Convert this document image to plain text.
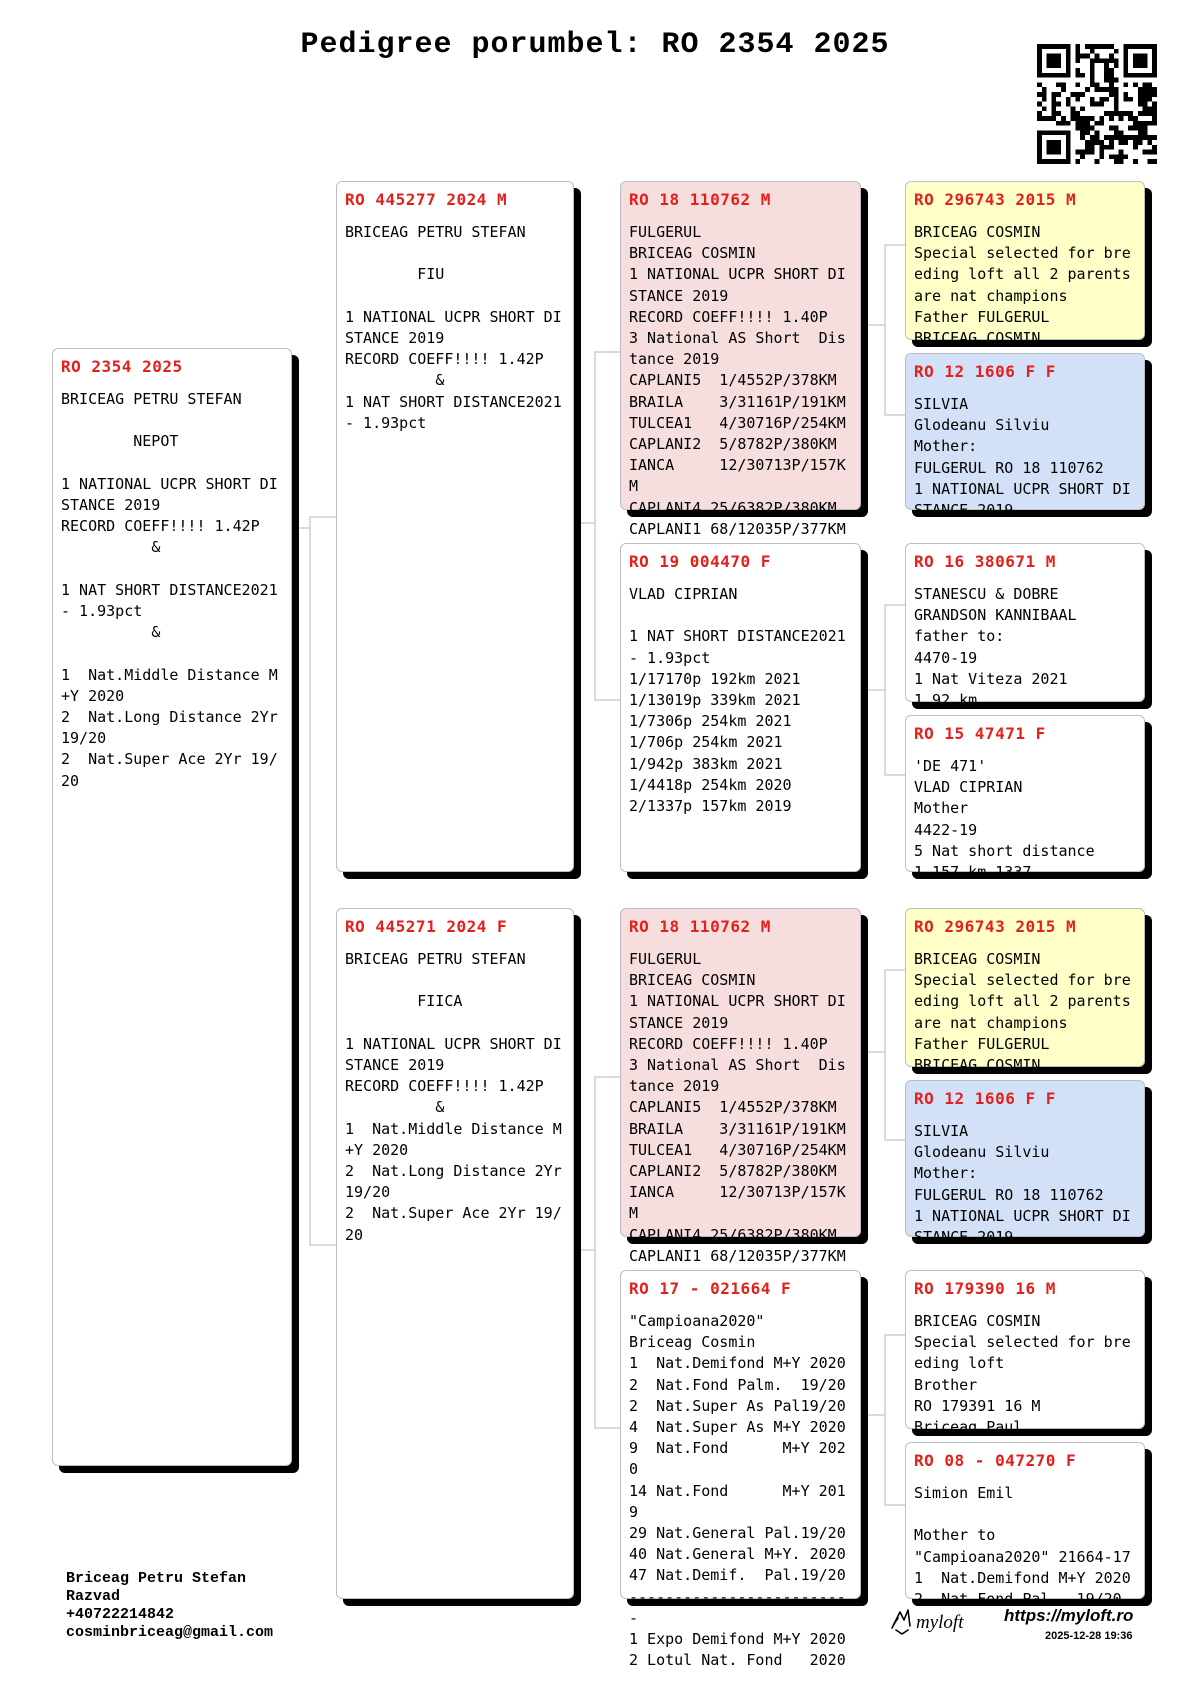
Pedigree porumbel: RO 2354 2025
RO 2354 2025
BRICEAG PETRU STEFAN

NEPOT

1 NATIONAL UCPR SHORT DISTANCE 2019
RECORD COEFF!!!! 1.42P
&

1 NAT SHORT DISTANCE2021 - 1.93pct
&

1  Nat.Middle Distance M+Y 2020
2  Nat.Long Distance 2Yr 19/20
2  Nat.Super Ace 2Yr 19/20
RO 445277 2024 M
BRICEAG PETRU STEFAN

FIU

1 NATIONAL UCPR SHORT DISTANCE 2019
RECORD COEFF!!!! 1.42P
&
1 NAT SHORT DISTANCE2021 - 1.93pct
RO 445271 2024 F
BRICEAG PETRU STEFAN

FIICA

1 NATIONAL UCPR SHORT DISTANCE 2019
RECORD COEFF!!!! 1.42P
&
1  Nat.Middle Distance M+Y 2020
2  Nat.Long Distance 2Yr 19/20
2  Nat.Super Ace 2Yr 19/20
RO 18 110762 M
FULGERUL
BRICEAG COSMIN
1 NATIONAL UCPR SHORT DISTANCE 2019
RECORD COEFF!!!! 1.40P
3 National AS Short  Distance 2019
CAPLANI5  1/4552P/378KM
BRAILA    3/31161P/191KM
TULCEA1   4/30716P/254KM
CAPLANI2  5/8782P/380KM
IANCA     12/30713P/157KM
CAPLANI4 25/6382P/380KM
CAPLANI1 68/12035P/377KM
RO 19 004470 F
VLAD CIPRIAN

1 NAT SHORT DISTANCE2021 - 1.93pct
1/17170p 192km 2021
1/13019p 339km 2021
1/7306p 254km 2021
1/706p 254km 2021
1/942p 383km 2021
1/4418p 254km 2020
2/1337p 157km 2019
RO 18 110762 M
FULGERUL
BRICEAG COSMIN
1 NATIONAL UCPR SHORT DISTANCE 2019
RECORD COEFF!!!! 1.40P
3 National AS Short  Distance 2019
CAPLANI5  1/4552P/378KM
BRAILA    3/31161P/191KM
TULCEA1   4/30716P/254KM
CAPLANI2  5/8782P/380KM
IANCA     12/30713P/157KM
CAPLANI4 25/6382P/380KM
CAPLANI1 68/12035P/377KM
RO 17 - 021664 F
"Campioana2020"
Briceag Cosmin
1  Nat.Demifond M+Y 2020
2  Nat.Fond Palm.  19/20
2  Nat.Super As Pal19/20
4  Nat.Super As M+Y 2020
9  Nat.Fond      M+Y 2020
14 Nat.Fond      M+Y 2019
29 Nat.General Pal.19/20
40 Nat.General M+Y. 2020
47 Nat.Demif.  Pal.19/20
-------------------------
1 Expo Demifond M+Y 2020
2 Lotul Nat. Fond   2020
RO 296743 2015 M
BRICEAG COSMIN
Special selected for breeding loft all 2 parents are nat champions
Father FULGERUL
BRICEAG COSMIN
RO 12 1606 F F
SILVIA
Glodeanu Silviu
Mother:
FULGERUL RO 18 110762
1 NATIONAL UCPR SHORT DISTANCE 2019
RO 16 380671 M
STANESCU & DOBRE
GRANDSON KANNIBAAL
father to:
4470-19
1 Nat Viteza 2021
1 92 km
RO 15 47471 F
'DE 471'
VLAD CIPRIAN
Mother
4422-19
5 Nat short distance
1 157 km 1337
RO 296743 2015 M
BRICEAG COSMIN
Special selected for breeding loft all 2 parents are nat champions
Father FULGERUL
BRICEAG COSMIN
RO 12 1606 F F
SILVIA
Glodeanu Silviu
Mother:
FULGERUL RO 18 110762
1 NATIONAL UCPR SHORT DISTANCE 2019
RO 179390 16 M
BRICEAG COSMIN
Special selected for breeding loft
Brother
RO 179391 16 M
Briceag Paul
RO 08 - 047270 F
Simion Emil

Mother to
"Campioana2020" 21664-17
1  Nat.Demifond M+Y 2020
2  Nat.Fond Pal.  19/20
Briceag Petru Stefan
Razvad
+40722214842
cosminbriceag@gmail.com	myloft https://myloft.ro
2025-12-28 19:36
